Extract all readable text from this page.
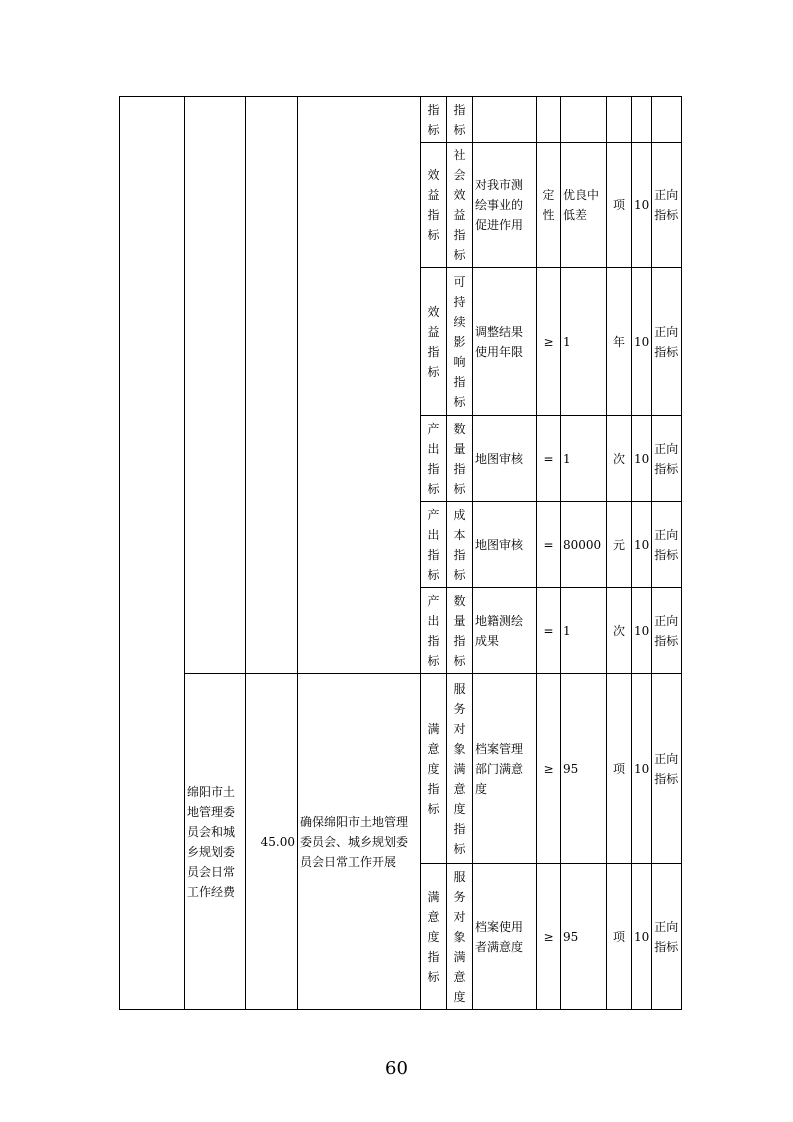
				指标	指标						
				效益指标	社会效益指标	对我市测绘事业的促进作用	定性	优良中低差	项	10	正向指标
				效益指标	可持续影响指标	调整结果使用年限	≥	1	年	10	正向指标
				产出指标	数量指标	地图审核	=	1	次	10	正向指标
				产出指标	成本指标	地图审核	=	80000	元	10	正向指标
				产出指标	数量指标	地籍测绘成果	=	1	次	10	正向指标
	绵阳市土地管理委员会和城乡规划委员会日常工作经费	45.00	确保绵阳市土地管理委员会、城乡规划委员会日常工作开展	满意度指标	服务对象满意度指标	档案管理部门满意度	≥	95	项	10	正向指标
				满意度指标	服务对象满意度	档案使用者满意度	≥	95	项	10	正向指标
60
